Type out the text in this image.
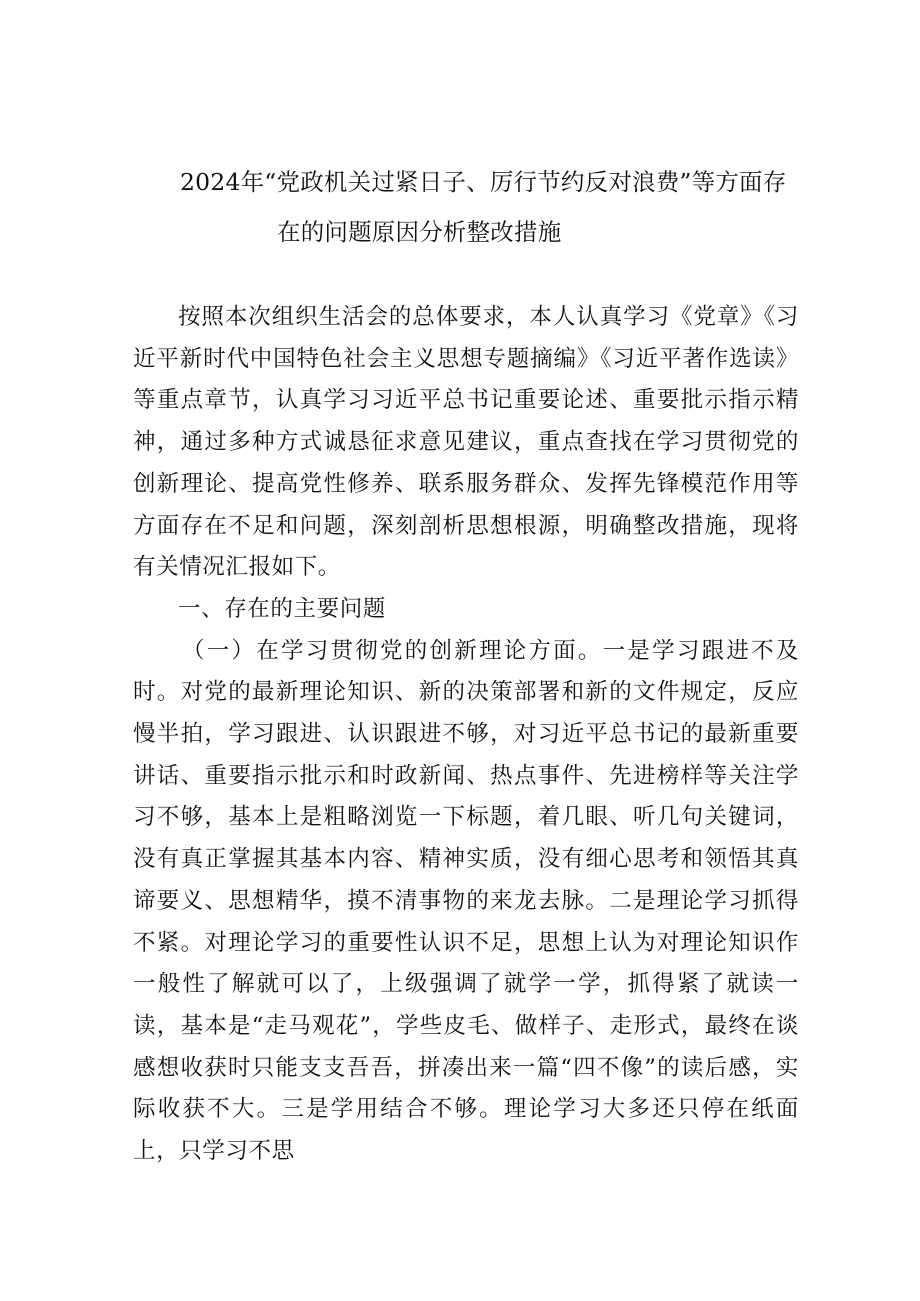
2024年“党政机关过紧日子、厉行节约反对浪费”等方面存
在的问题原因分析整改措施

按照本次组织生活会的总体要求，本人认真学习《党章》《习近平新时代中国特色社会主义思想专题摘编》《习近平著作选读》等重点章节，认真学习习近平总书记重要论述、重要批示指示精神，通过多种方式诚恳征求意见建议，重点查找在学习贯彻党的创新理论、提高党性修养、联系服务群众、发挥先锋模范作用等方面存在不足和问题，深刻剖析思想根源，明确整改措施，现将有关情况汇报如下。

一、存在的主要问题

（一）在学习贯彻党的创新理论方面。一是学习跟进不及时。对党的最新理论知识、新的决策部署和新的文件规定，反应慢半拍，学习跟进、认识跟进不够，对习近平总书记的最新重要讲话、重要指示批示和时政新闻、热点事件、先进榜样等关注学习不够，基本上是粗略浏览一下标题，着几眼、听几句关键词，没有真正掌握其基本内容、精神实质，没有细心思考和领悟其真谛要义、思想精华，摸不清事物的来龙去脉。二是理论学习抓得不紧。对理论学习的重要性认识不足，思想上认为对理论知识作一般性了解就可以了，上级强调了就学一学，抓得紧了就读一读，基本是“走马观花”，学些皮毛、做样子、走形式，最终在谈感想收获时只能支支吾吾，拼凑出来一篇“四不像”的读后感，实际收获不大。三是学用结合不够。理论学习大多还只停在纸面上，只学习不思
